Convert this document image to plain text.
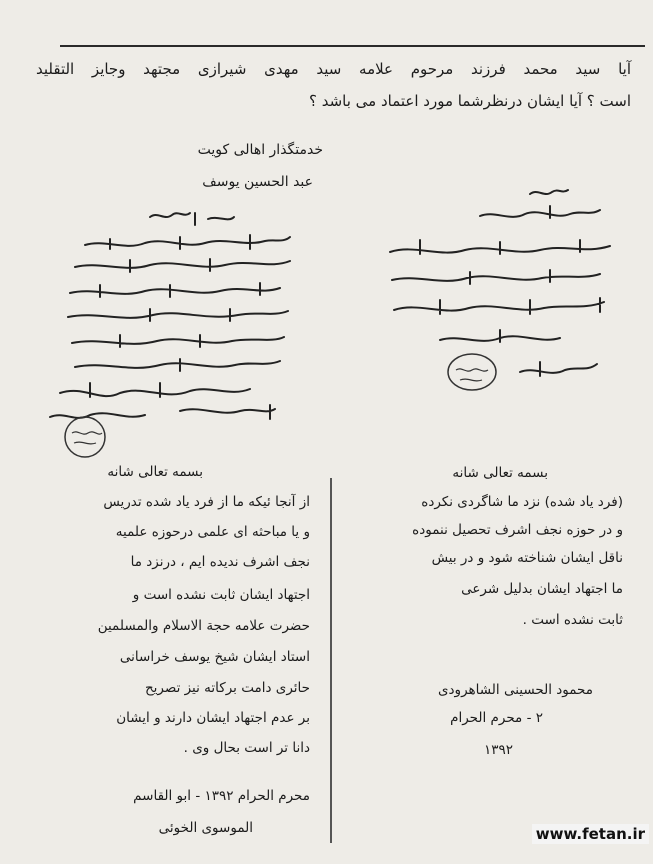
آیا سید محمد فرزند مرحوم علامه سید مهدی شیرازی مجتهد وجایز التقلید
است ؟ آیا ایشان درنظرشما مورد اعتماد می باشد ؟
خدمتگذار اهالی کویت
عبد الحسین یوسف
بسمه تعالی شانه
از آنجا ئیکه ما از فرد یاد شده تدریس
و یا مباحثه ای علمی درحوزه علمیه
نجف اشرف ندیده ایم ، درنزد ما
اجتهاد ایشان ثابت نشده است و
حضرت علامه حجة الاسلام والمسلمین
استاد ایشان شیخ یوسف خراسانی
حائری دامت برکاته نیز تصریح
بر عدم اجتهاد ایشان دارند و ایشان
دانا تر است بحال وی .
محرم الحرام ۱۳۹۲ - ابو القاسم
الموسوی الخوئی
بسمه تعالی شانه
(فرد یاد شده) نزد ما شاگردی نکرده
و در حوزه نجف اشرف تحصیل ننموده
ناقل ایشان شناخته شود و در بیش
ما اجتهاد ایشان بدلیل شرعی
ثابت نشده است .
محمود الحسینی الشاهرودی
۲ - محرم الحرام
۱۳۹۲
www.fetan.ir
